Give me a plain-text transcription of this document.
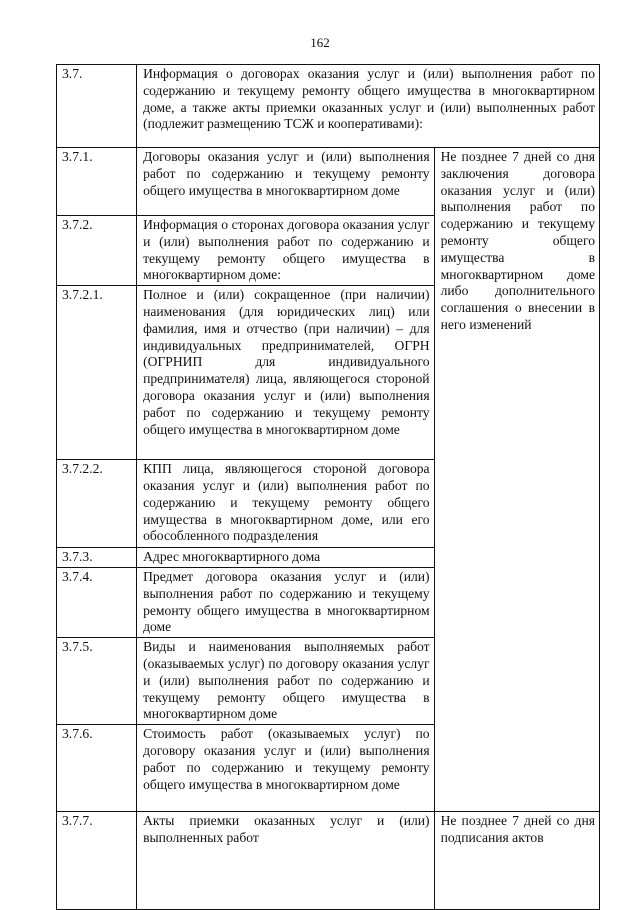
162
3.7.	Информация о договорах оказания услуг и (или) выполнения работ по содержанию и текущему ремонту общего имущества в многоквартирном доме, а также акты приемки оказанных услуг и (или) выполненных работ (подлежит размещению ТСЖ и кооперативами):	
3.7.1.	Договоры оказания услуг и (или) выполнения работ по содержанию и текущему ремонту общего имущества в многоквартирном доме	Не позднее 7 дней со дня заключения договора оказания услуг и (или) выполнения работ по содержанию и текущему ремонту общего имущества в многоквартирном доме либо дополнительного соглашения о внесении в него изменений
3.7.2.	Информация о сторонах договора оказания услуг и (или) выполнения работ по содержанию и текущему ремонту общего имущества в многоквартирном доме:	
3.7.2.1.	Полное и (или) сокращенное (при наличии) наименования (для юридических лиц) или фамилия, имя и отчество (при наличии) – для индивидуальных предпринимателей, ОГРН (ОГРНИП для индивидуального предпринимателя) лица, являющегося стороной договора оказания услуг и (или) выполнения работ по содержанию и текущему ремонту общего имущества в многоквартирном доме	
3.7.2.2.	КПП лица, являющегося стороной договора оказания услуг и (или) выполнения работ по содержанию и текущему ремонту общего имущества в многоквартирном доме, или его обособленного подразделения	
3.7.3.	Адрес многоквартирного дома	
3.7.4.	Предмет договора оказания услуг и (или) выполнения работ по содержанию и текущему ремонту общего имущества в многоквартирном доме	
3.7.5.	Виды и наименования выполняемых работ (оказываемых услуг) по договору оказания услуг и (или) выполнения работ по содержанию и текущему ремонту общего имущества в многоквартирном доме	
3.7.6.	Стоимость работ (оказываемых услуг) по договору оказания услуг и (или) выполнения работ по содержанию и текущему ремонту общего имущества в многоквартирном доме	
3.7.7.	Акты приемки оказанных услуг и (или) выполненных работ	Не позднее 7 дней со дня подписания актов
